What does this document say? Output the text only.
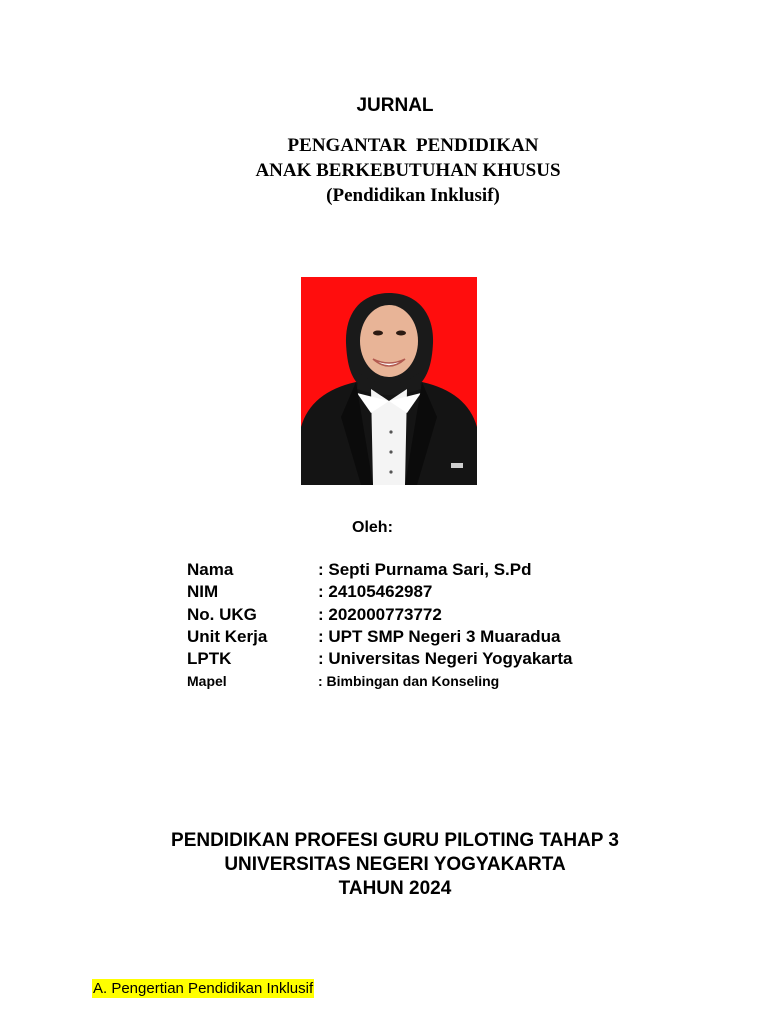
JURNAL
PENGANTAR  PENDIDIKAN
ANAK BERKEBUTUHAN KHUSUS
(Pendidikan Inklusif)
Oleh:
Nama	: Septi Purnama Sari, S.Pd
NIM	: 24105462987
No. UKG	: 202000773772
Unit Kerja	: UPT SMP Negeri 3 Muaradua
LPTK	: Universitas Negeri Yogyakarta
Mapel	: Bimbingan dan Konseling
PENDIDIKAN PROFESI GURU PILOTING TAHAP 3
UNIVERSITAS NEGERI YOGYAKARTA
TAHUN 2024
A. Pengertian Pendidikan Inklusif
